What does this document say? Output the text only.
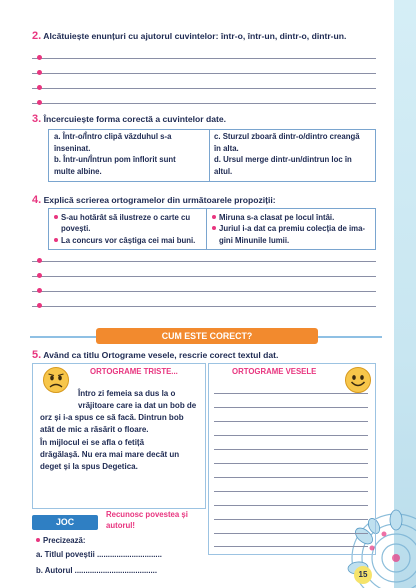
2. Alcătuiește enunțuri cu ajutorul cuvintelor: într-o, într-un, dintr-o, dintr-un.
3. Încercuiește forma corectă a cuvintelor date.
a. Într-o/Întro clipă văzduhul s-a
înseninat.
b. Într-un/Întrun pom înflorit sunt
multe albine.
c. Sturzul zboară dintr-o/dintro creangă
în alta.
d. Ursul merge dintr-un/dintrun loc în
altul.
4. Explică scrierea ortogramelor din următoarele propoziții:
S-au hotărât să ilustreze o carte cu
povești.
La concurs vor câștiga cei mai buni.
Miruna s-a clasat pe locul întâi.
Juriul i-a dat ca premiu colecția de ima-
gini Minunile lumii.
CUM ESTE CORECT?
5. Având ca titlu Ortograme vesele, rescrie corect textul dat.
ORTOGRAME TRISTE...	ORTOGRAME VESELE
Întro zi femeia sa dus la o
vrăjitoare care ia dat un bob de
orz și i-a spus ce să facă. Dintrun bob
atât de mic a răsărit o floare.
În mijlocul ei se afla o fetiță
drăgălașă. Nu era mai mare decât un
deget și la spus Degetica.
JOC
Recunosc povestea și
autorul!
Precizează:
a. Titlul poveștii ..............................
b. Autorul ......................................	15
